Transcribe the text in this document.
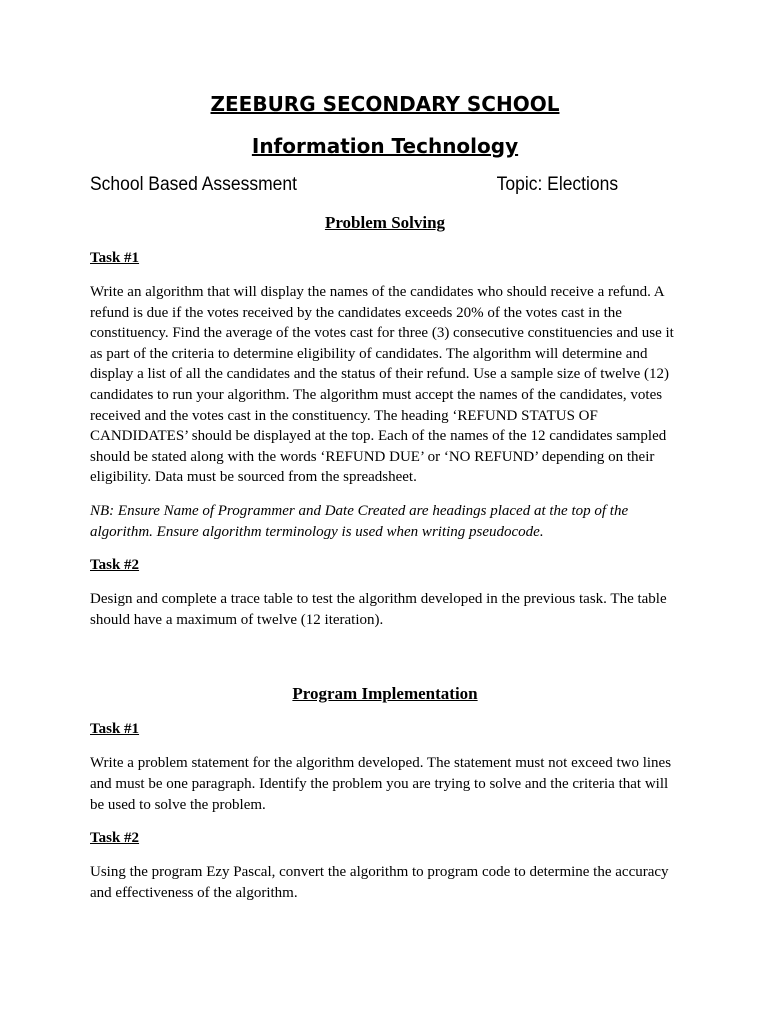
ZEEBURG SECONDARY SCHOOL
Information Technology
School Based Assessment	Topic: Elections
Problem Solving
Task #1

Write an algorithm that will display the names of the candidates who should receive a refund. A refund is due if the votes received by the candidates exceeds 20% of the votes cast in the constituency. Find the average of the votes cast for three (3) consecutive constituencies and use it as part of the criteria to determine eligibility of candidates. The algorithm will determine and display a list of all the candidates and the status of their refund. Use a sample size of twelve (12) candidates to run your algorithm. The algorithm must accept the names of the candidates, votes received and the votes cast in the constituency. The heading ‘REFUND STATUS OF CANDIDATES’ should be displayed at the top. Each of the names of the 12 candidates sampled should be stated along with the words ‘REFUND DUE’ or ‘NO REFUND’ depending on their eligibility. Data must be sourced from the spreadsheet.

NB: Ensure Name of Programmer and Date Created are headings placed at the top of the algorithm. Ensure algorithm terminology is used when writing pseudocode.

Task #2

Design and complete a trace table to test the algorithm developed in the previous task. The table should have a maximum of twelve (12 iteration).

Program Implementation
Task #1

Write a problem statement for the algorithm developed. The statement must not exceed two lines and must be one paragraph. Identify the problem you are trying to solve and the criteria that will be used to solve the problem.

Task #2

Using the program Ezy Pascal, convert the algorithm to program code to determine the accuracy and effectiveness of the algorithm.
